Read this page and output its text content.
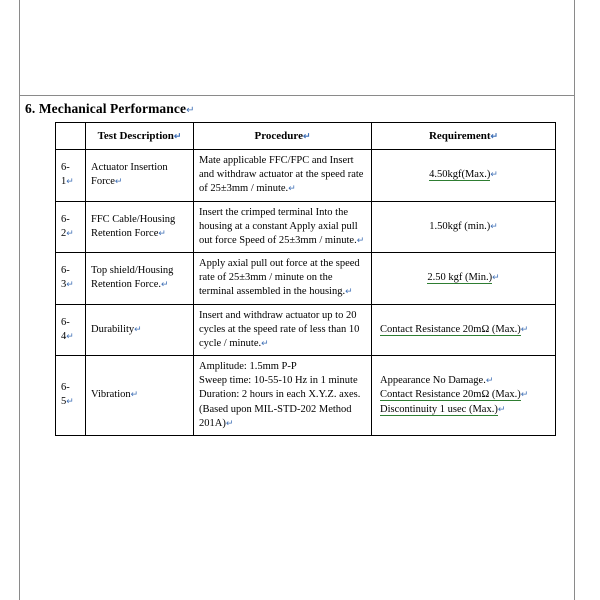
6. Mechanical Performance↵
	Test Description↵	Procedure↵	Requirement↵
6-1↵	Actuator Insertion Force↵	Mate applicable FFC/FPC and Insert
and withdraw actuator at the speed rate
of 25±3mm / minute.↵	4.50kgf(Max.)↵

6-2↵	FFC Cable/Housing Retention Force↵	Insert the crimped terminal Into the
housing at a constant Apply axial pull
out force Speed of 25±3mm / minute.↵	1.50kgf (min.)↵

6-3↵	Top shield/Housing Retention Force.↵	Apply axial pull out force at the speed
rate of 25±3mm / minute on the
terminal assembled in the housing.↵	2.50 kgf (Min.)↵

6-4↵	Durability↵	Insert and withdraw actuator up to 20
cycles at the speed rate of less than 10
cycle / minute.↵	Contact Resistance 20mΩ (Max.)↵

6-5↵	Vibration↵	Amplitude: 1.5mm P-P
Sweep time: 10-55-10 Hz in 1 minute
Duration: 2 hours in each X.Y.Z. axes.
(Based upon MIL-STD-202 Method
201A)↵	Appearance No Damage.↵
Contact Resistance 20mΩ (Max.)↵
Discontinuity 1 usec (Max.)↵
